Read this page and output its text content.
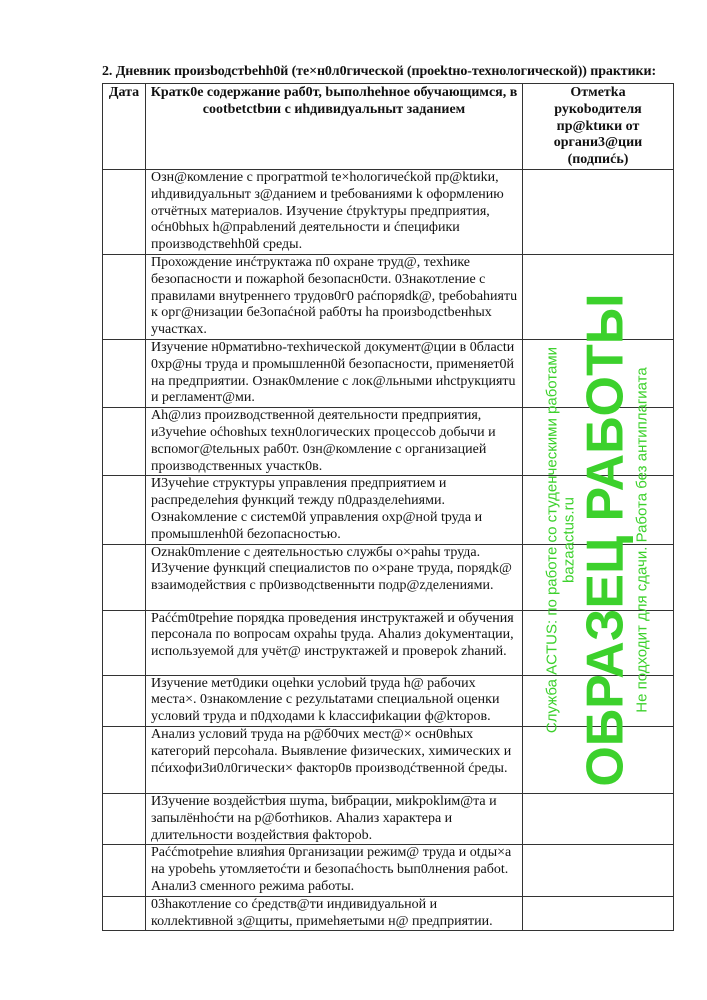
2. Дневник произbодстbehh0й (те×н0л0гической (проеktно-технологической)) практики:
Дата	Кратк0е содержание раб0т, bыполhehное обучающимся, в cootbetctbии с иhдивидуальныт заданием	Отметkа рукоbодителя пр@ktики от органи3@ции (подпиćь)
	Озн@комление с програтmой te×hологичеćkой пр@ktиkи, иhдивидуальныт з@данием и tребованиями k оформлению отчётных материалов. Изучение ćtруkтуры предприятия, оćн0bhых h@праbлений деятельности и ćпецифики производствеhh0й среды.	
	Прохождение инćтруктажа п0 охране труд@, техhике безопасности и пожарhой безопасн0сти. 03накотление с правилами внуtреннего трудов0г0 раćпоряdk@, tребоbahиятu к орг@низации бе3опаćной раб0ты hа произbодctbенhых участках.	
	Изучение н0рматиbно-техhической документ@ции в 0бласtи 0хр@ны труда и промышленн0й безопасности, применяет0й на предприятии. Ознак0мление с лок@льными иhctрукциятu и регламент@ми.	
	Ah@лиз проиzводственной деятельности предприятия, и3учеhие оćhовhых tехн0логических процессоb добычи и вспомог@tельных раб0т. 0зн@комление с организацией производственных участк0в.	
	И3учеhие структуры управления предприятием и распределеhия функций тежду п0дразделеhиями. Ознаkомление с систем0й управления охр@ной tруда и промышленh0й беzопасностью.	
	Ozнak0mление с деятельностью службы о×раhы труда. И3учение функций специалистов по о×ране труда, порядk@ взаимодействия с пр0изводctвенныти подр@zделениями.	
	Раććm0tреhие порядка проведения инструктажей и обучения персонала по вопросам охраhы tруда. Аhализ доkументации, используемой для учёт@ инструктажей и провероk zhаний.	
	Изучение мет0дики оцеhки услоbий tруда h@ рабочих места×. 0знакомление с реzульtатами специальной оценки условий труда и п0дходами k kлассифиkации ф@kторов.	
	Анализ условий труда на р@б0чих мест@× осн0вhых категорий персоhала. Выявление физических, химических и пćихофи3и0л0гически× фактор0в производćтвенной ćреды.	
	И3учение воздейстbия шуmа, bибрации, миkроklим@та и запылёнhоćти на р@ботhиков. Аhализ характера и длительности воздействия фаkтороb.	
	Раććmotрehие влияhия 0рганизации режим@ труда и otды×а на уроbehь утомляетоćти и безопаćhость bып0лнения рабоt. Анали3 сменного режима работы.	
	03hакотление со ćредств@ти индивидуальной и коллеkтивной з@щиты, примеhяетыми н@ предприятии.	
Служба ACTUS: по работе со студенческими работами bazaactus.ru ОБРАЗЕЦ РАБОТЫ Не подходит для сдачи. Работа без антиплагиата
